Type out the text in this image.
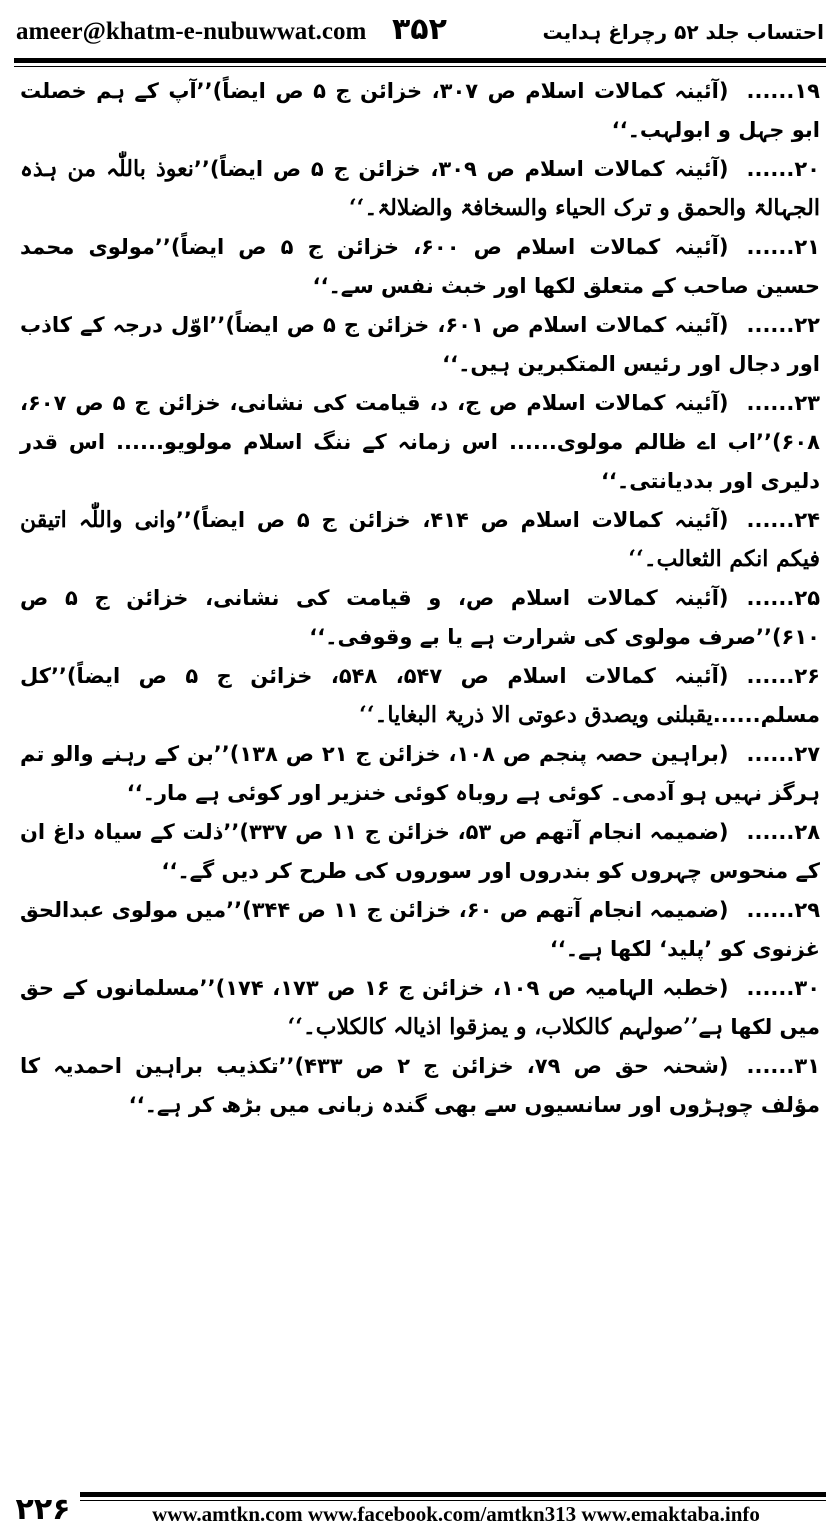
ameer@khatm-e-nubuwwat.com ۳۵۲	احتساب جلد ۵۲ رچراغ ہدایت
۱۹......(آئینہ کمالات اسلام ص ۳۰۷، خزائن ج ۵ ص ایضاً)’’آپ کے ہم خصلت ابو جہل و ابولہب۔‘‘
۲۰......(آئینہ کمالات اسلام ص ۳۰۹، خزائن ج ۵ ص ایضاً)’’نعوذ باللّٰہ من ہذہ الجہالۃ والحمق و ترک الحیاء والسخافۃ والضلالۃ۔‘‘
۲۱......(آئینہ کمالات اسلام ص ۶۰۰، خزائن ج ۵ ص ایضاً)’’مولوی محمد حسین صاحب کے متعلق لکھا اور خبث نفس سے۔‘‘
۲۲......(آئینہ کمالات اسلام ص ۶۰۱، خزائن ج ۵ ص ایضاً)’’اوّل درجہ کے کاذب اور دجال اور رئیس المتکبرین ہیں۔‘‘
۲۳......(آئینہ کمالات اسلام ص ج، د، قیامت کی نشانی، خزائن ج ۵ ص ۶۰۷، ۶۰۸)’’اب اے ظالم مولوی...... اس زمانہ کے ننگ اسلام مولویو...... اس قدر دلیری اور بددیانتی۔‘‘
۲۴......(آئینہ کمالات اسلام ص ۴۱۴، خزائن ج ۵ ص ایضاً)’’وانی واللّٰہ اتیقن فیکم انکم الثعالب۔‘‘
۲۵......(آئینہ کمالات اسلام ص، و قیامت کی نشانی، خزائن ج ۵ ص ۶۱۰)’’صرف مولوی کی شرارت ہے یا بے وقوفی۔‘‘
۲۶......(آئینہ کمالات اسلام ص ۵۴۷، ۵۴۸، خزائن ج ۵ ص ایضاً)’’کل مسلم......یقبلنی ویصدق دعوتی الا ذریۃ البغایا۔‘‘
۲۷......(براہین حصہ پنجم ص ۱۰۸، خزائن ج ۲۱ ص ۱۳۸)’’بن کے رہنے والو تم ہرگز نہیں ہو آدمی۔ کوئی ہے روباہ کوئی خنزیر اور کوئی ہے مار۔‘‘
۲۸......(ضمیمہ انجام آتھم ص ۵۳، خزائن ج ۱۱ ص ۳۳۷)’’ذلت کے سیاہ داغ ان کے منحوس چہروں کو بندروں اور سوروں کی طرح کر دیں گے۔‘‘
۲۹......(ضمیمہ انجام آتھم ص ۶۰، خزائن ج ۱۱ ص ۳۴۴)’’میں مولوی عبدالحق غزنوی کو ’پلید‘ لکھا ہے۔‘‘
۳۰......(خطبہ الہامیہ ص ۱۰۹، خزائن ج ۱۶ ص ۱۷۳، ۱۷۴)’’مسلمانوں کے حق میں لکھا ہے’’صولہم کالکلاب، و یمزقوا اذیالہ کالکلاب۔‘‘
۳۱......(شحنہ حق ص ۷۹، خزائن ج ۲ ص ۴۳۳)’’تکذیب براہین احمدیہ کا مؤلف چوہڑوں اور سانسیوں سے بھی گندہ زبانی میں بڑھ کر ہے۔‘‘
۲۲۶	www.amtkn.com www.facebook.com/amtkn313 www.emaktaba.info
